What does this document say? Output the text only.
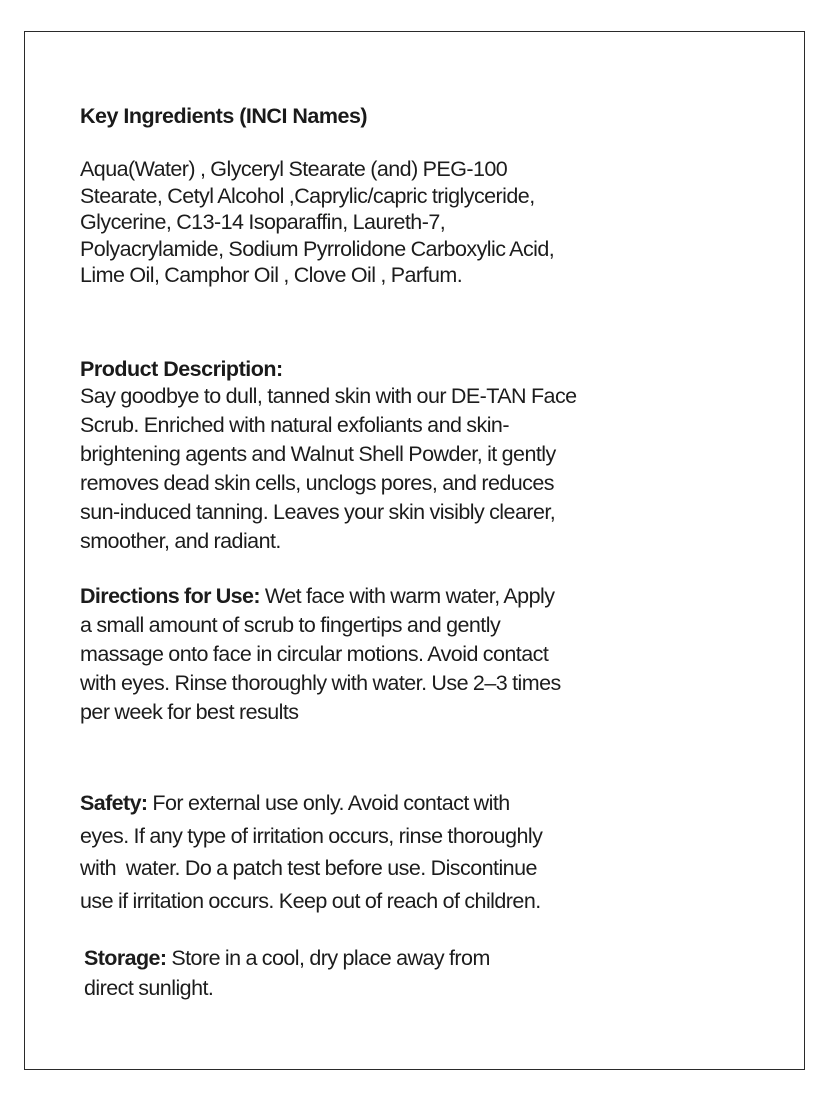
Key Ingredients (INCI Names)
Aqua(Water) , Glyceryl Stearate (and) PEG-100
Stearate, Cetyl Alcohol ,Caprylic/capric triglyceride,
Glycerine, C13-14 Isoparaffin, Laureth-7,
Polyacrylamide, Sodium Pyrrolidone Carboxylic Acid,
Lime Oil, Camphor Oil , Clove Oil , Parfum.
Product Description:
Say goodbye to dull, tanned skin with our DE-TAN Face
Scrub. Enriched with natural exfoliants and skin-
brightening agents and Walnut Shell Powder, it gently
removes dead skin cells, unclogs pores, and reduces
sun-induced tanning. Leaves your skin visibly clearer,
smoother, and radiant.
Directions for Use: Wet face with warm water, Apply
a small amount of scrub to fingertips and gently
massage onto face in circular motions. Avoid contact
with eyes. Rinse thoroughly with water. Use 2–3 times
per week for best results
Safety: For external use only. Avoid contact with
eyes. If any type of irritation occurs, rinse thoroughly
with  water. Do a patch test before use. Discontinue
use if irritation occurs. Keep out of reach of children.
Storage: Store in a cool, dry place away from
direct sunlight.
